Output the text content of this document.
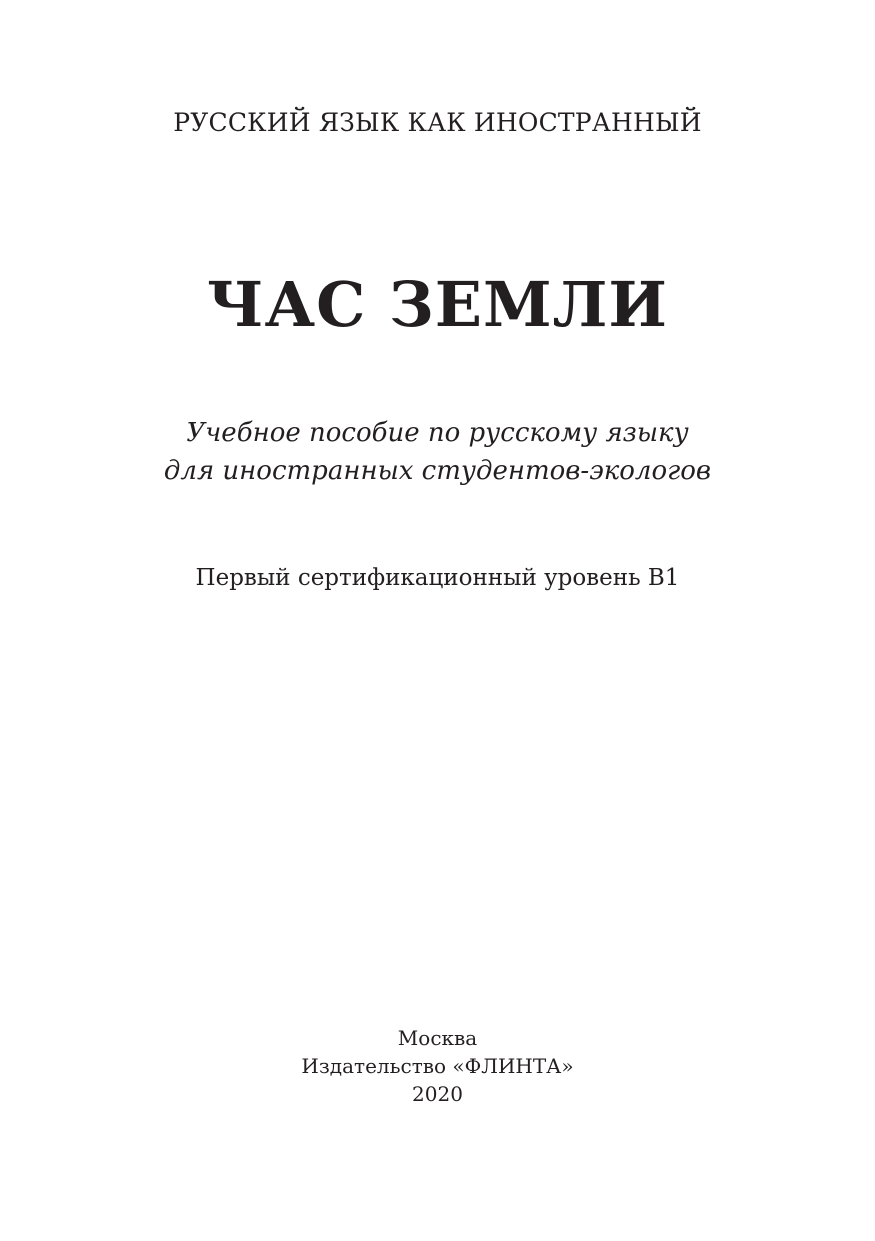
РУССКИЙ ЯЗЫК КАК ИНОСТРАННЫЙ
ЧАС ЗЕМЛИ
Учебное пособие по русскому языку
для иностранных студентов-экологов
Первый сертификационный уровень В1
Москва
Издательство «ФЛИНТА»
2020
